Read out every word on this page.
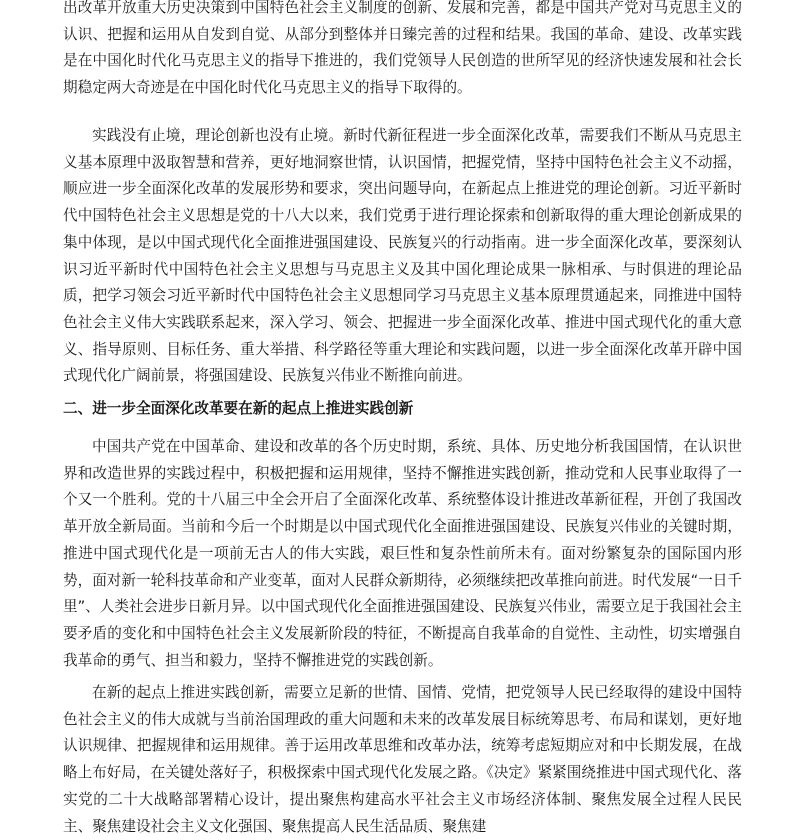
出改革开放重大历史决策到中国特色社会主义制度的创新、发展和完善，都是中国共产党对马克思主义的认识、把握和运用从自发到自觉、从部分到整体并日臻完善的过程和结果。我国的革命、建设、改革实践是在中国化时代化马克思主义的指导下推进的，我们党领导人民创造的世所罕见的经济快速发展和社会长期稳定两大奇迹是在中国化时代化马克思主义的指导下取得的。

实践没有止境，理论创新也没有止境。新时代新征程进一步全面深化改革，需要我们不断从马克思主义基本原理中汲取智慧和营养，更好地洞察世情，认识国情，把握党情，坚持中国特色社会主义不动摇，顺应进一步全面深化改革的发展形势和要求，突出问题导向，在新起点上推进党的理论创新。习近平新时代中国特色社会主义思想是党的十八大以来，我们党勇于进行理论探索和创新取得的重大理论创新成果的集中体现，是以中国式现代化全面推进强国建设、民族复兴的行动指南。进一步全面深化改革，要深刻认识习近平新时代中国特色社会主义思想与马克思主义及其中国化理论成果一脉相承、与时俱进的理论品质，把学习领会习近平新时代中国特色社会主义思想同学习马克思主义基本原理贯通起来，同推进中国特色社会主义伟大实践联系起来，深入学习、领会、把握进一步全面深化改革、推进中国式现代化的重大意义、指导原则、目标任务、重大举措、科学路径等重大理论和实践问题，以进一步全面深化改革开辟中国式现代化广阔前景，将强国建设、民族复兴伟业不断推向前进。

二、进一步全面深化改革要在新的起点上推进实践创新

中国共产党在中国革命、建设和改革的各个历史时期，系统、具体、历史地分析我国国情，在认识世界和改造世界的实践过程中，积极把握和运用规律，坚持不懈推进实践创新，推动党和人民事业取得了一个又一个胜利。党的十八届三中全会开启了全面深化改革、系统整体设计推进改革新征程，开创了我国改革开放全新局面。当前和今后一个时期是以中国式现代化全面推进强国建设、民族复兴伟业的关键时期，推进中国式现代化是一项前无古人的伟大实践，艰巨性和复杂性前所未有。面对纷繁复杂的国际国内形势，面对新一轮科技革命和产业变革，面对人民群众新期待，必须继续把改革推向前进。时代发展“一日千里”、人类社会进步日新月异。以中国式现代化全面推进强国建设、民族复兴伟业，需要立足于我国社会主要矛盾的变化和中国特色社会主义发展新阶段的特征，不断提高自我革命的自觉性、主动性，切实增强自我革命的勇气、担当和毅力，坚持不懈推进党的实践创新。

在新的起点上推进实践创新，需要立足新的世情、国情、党情，把党领导人民已经取得的建设中国特色社会主义的伟大成就与当前治国理政的重大问题和未来的改革发展目标统筹思考、布局和谋划，更好地认识规律、把握规律和运用规律。善于运用改革思维和改革办法，统筹考虑短期应对和中长期发展，在战略上布好局，在关键处落好子，积极探索中国式现代化发展之路。《决定》紧紧围绕推进中国式现代化、落实党的二十大战略部署精心设计，提出聚焦构建高水平社会主义市场经济体制、聚焦发展全过程人民民主、聚焦建设社会主义文化强国、聚焦提高人民生活品质、聚焦建
